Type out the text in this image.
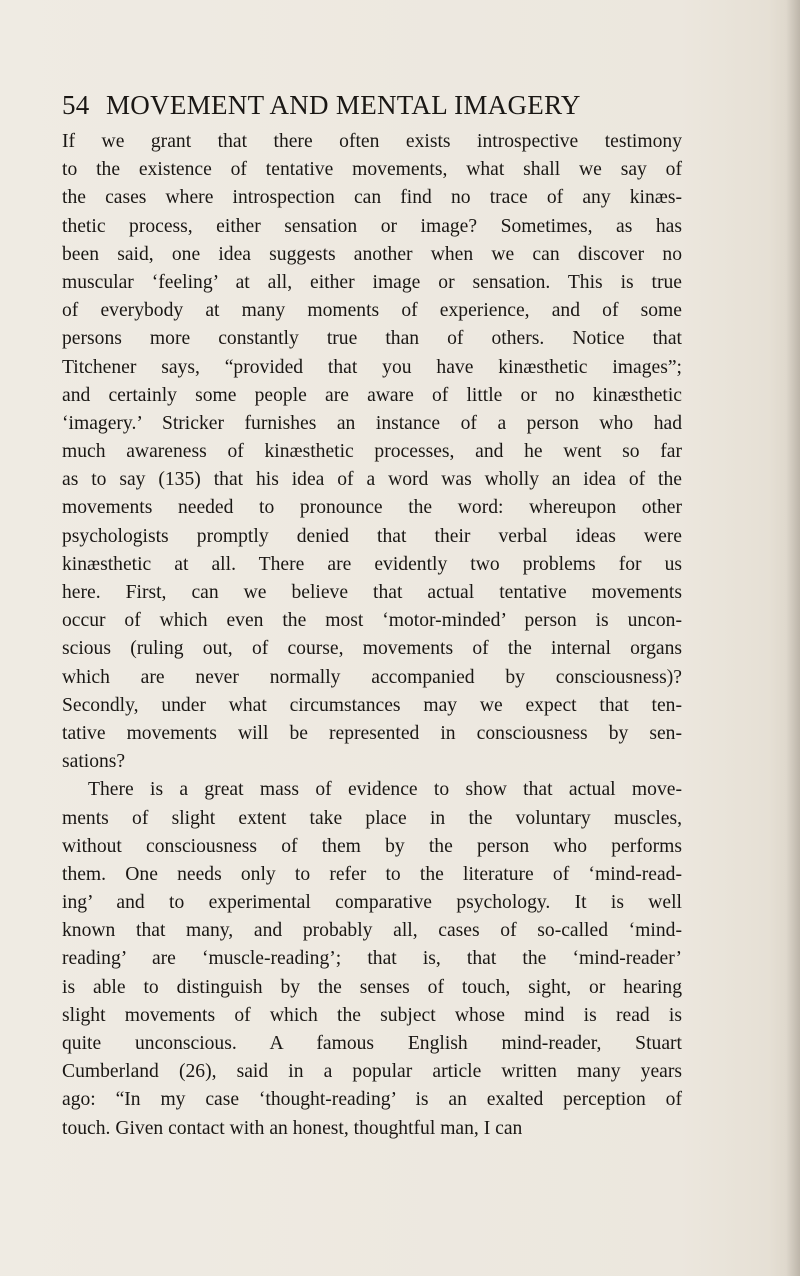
54 MOVEMENT AND MENTAL IMAGERY
If we grant that there often exists introspective testimony
to the existence of tentative movements, what shall we say of
the cases where introspection can find no trace of any kinæs-
thetic process, either sensation or image? Sometimes, as has
been said, one idea suggests another when we can discover no
muscular ‘feeling’ at all, either image or sensation. This is true
of everybody at many moments of experience, and of some
persons more constantly true than of others. Notice that
Titchener says, “provided that you have kinæsthetic images”;
and certainly some people are aware of little or no kinæsthetic
‘imagery.’ Stricker furnishes an instance of a person who had
much awareness of kinæsthetic processes, and he went so far
as to say (135) that his idea of a word was wholly an idea of the
movements needed to pronounce the word: whereupon other
psychologists promptly denied that their verbal ideas were
kinæsthetic at all. There are evidently two problems for us
here. First, can we believe that actual tentative movements
occur of which even the most ‘motor-minded’ person is uncon-
scious (ruling out, of course, movements of the internal organs
which are never normally accompanied by consciousness)?
Secondly, under what circumstances may we expect that ten-
tative movements will be represented in consciousness by sen-
sations?
There is a great mass of evidence to show that actual move-
ments of slight extent take place in the voluntary muscles,
without consciousness of them by the person who performs
them. One needs only to refer to the literature of ‘mind-read-
ing’ and to experimental comparative psychology. It is well
known that many, and probably all, cases of so-called ‘mind-
reading’ are ‘muscle-reading’; that is, that the ‘mind-reader’
is able to distinguish by the senses of touch, sight, or hearing
slight movements of which the subject whose mind is read is
quite unconscious. A famous English mind-reader, Stuart
Cumberland (26), said in a popular article written many years
ago: “In my case ‘thought-reading’ is an exalted perception of
touch. Given contact with an honest, thoughtful man, I can
